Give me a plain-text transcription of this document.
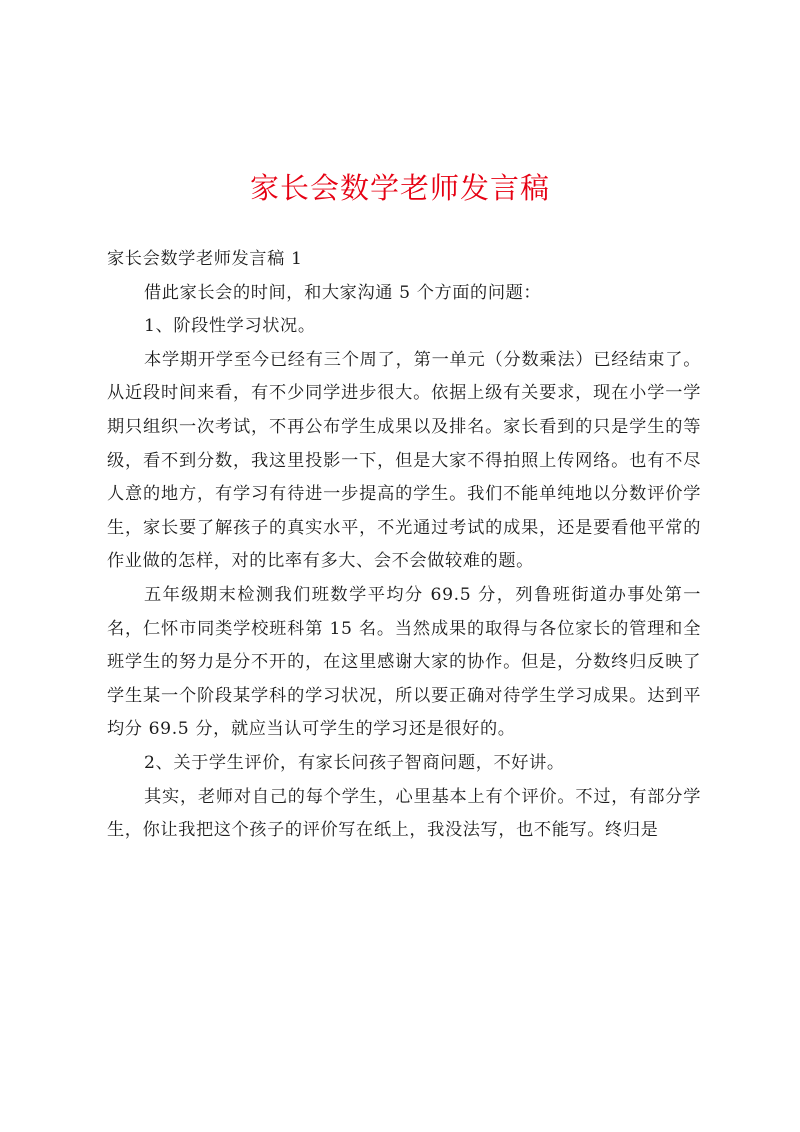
家长会数学老师发言稿

家长会数学老师发言稿 1

借此家长会的时间，和大家沟通 5 个方面的问题：

1、阶段性学习状况。

本学期开学至今已经有三个周了，第一单元（分数乘法）已经结束了。从近段时间来看，有不少同学进步很大。依据上级有关要求，现在小学一学期只组织一次考试，不再公布学生成果以及排名。家长看到的只是学生的等级，看不到分数，我这里投影一下，但是大家不得拍照上传网络。也有不尽人意的地方，有学习有待进一步提高的学生。我们不能单纯地以分数评价学生，家长要了解孩子的真实水平，不光通过考试的成果，还是要看他平常的作业做的怎样，对的比率有多大、会不会做较难的题。

五年级期末检测我们班数学平均分 69.5 分，列鲁班街道办事处第一名，仁怀市同类学校班科第 15 名。当然成果的取得与各位家长的管理和全班学生的努力是分不开的，在这里感谢大家的协作。但是，分数终归反映了学生某一个阶段某学科的学习状况，所以要正确对待学生学习成果。达到平均分 69.5 分，就应当认可学生的学习还是很好的。

2、关于学生评价，有家长问孩子智商问题，不好讲。

其实，老师对自己的每个学生，心里基本上有个评价。不过，有部分学生，你让我把这个孩子的评价写在纸上，我没法写，也不能写。终归是
